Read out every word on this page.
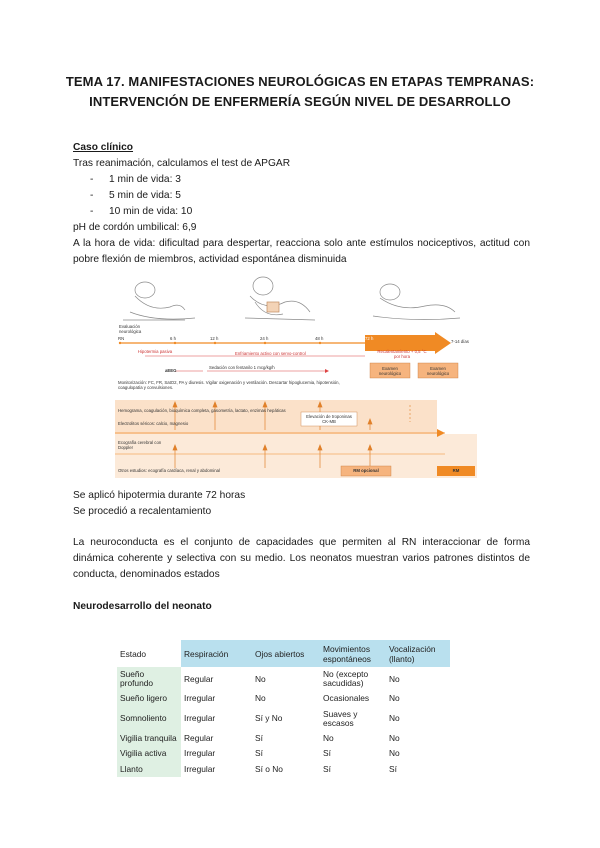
TEMA 17. MANIFESTACIONES NEUROLÓGICAS EN ETAPAS TEMPRANAS:
INTERVENCIÓN DE ENFERMERÍA SEGÚN NIVEL DE DESARROLLO
Caso clínico
Tras reanimación, calculamos el test de APGAR
- 1 min de vida: 3
- 5 min de vida: 5
- 10 min de vida: 10
pH de cordón umbilical: 6,9
A la hora de vida: dificultad para despertar, reacciona solo ante estímulos nociceptivos, actitud con pobre flexión de miembros, actividad espontánea disminuida
Evaluación neurológica
RN	6 h	12 h	24 h	48 h	72 h
7-14 días
Hipotermia pasiva	Enfriamiento activo con servo-control	Recalentamiento + 0,5 °C por hora
aEEG
Sedación con fentanilo 1 mcg/kg/h	Examen neurológico
Examen neurológico
Monitorización: FC, FR, SatO2, PA y diuresis. Vigilar oxigenación y ventilación. Descartar hipoglucemia, hipotensión, coagulopatía y convulsiones.
Hemograma, coagulación, bioquímica completa, gasometría, lactato, enzimas hepáticas
Electrolitos séricos: calcio, magnesio
Elevación de troponinas CK-MB
Ecografía cerebral con Doppler
Otros estudios: ecografía cardíaca, renal y abdominal	RM opcional	RM
Se aplicó hipotermia durante 72 horas
Se procedió a recalentamiento
La neuroconducta es el conjunto de capacidades que permiten al RN interaccionar de forma dinámica coherente y selectiva con su medio. Los neonatos muestran varios patrones distintos de conducta, denominados estados
Neurodesarrollo del neonato
Estado	Respiración	Ojos abiertos	Movimientos espontáneos	Vocalización (llanto)
Sueño profundo	Regular	No	No (excepto sacudidas)	No
Sueño ligero	Irregular	No	Ocasionales	No
Somnoliento	Irregular	Sí y No	Suaves y escasos	No
Vigilia tranquila	Regular	Sí	No	No
Vigilia activa	Irregular	Sí	Sí	No
Llanto	Irregular	Sí o No	Sí	Sí
